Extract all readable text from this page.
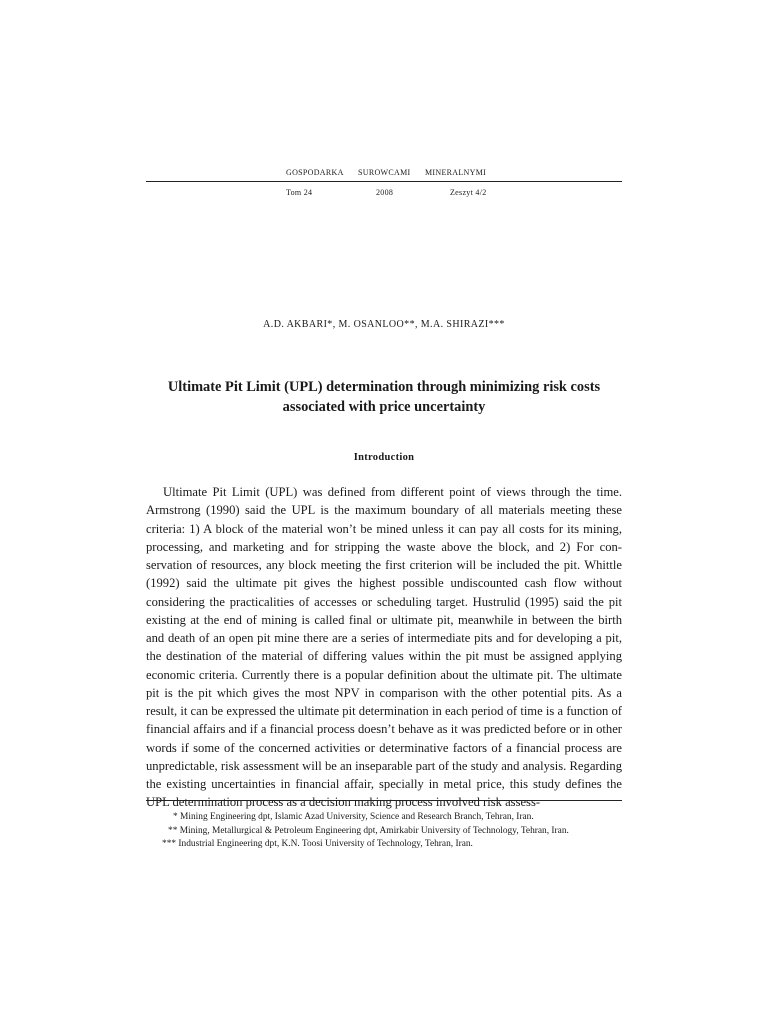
GOSPODARKA SUROWCAMI MINERALNYMI
Tom 24	2008	Zeszyt 4/2
A.D. AKBARI*, M. OSANLOO**, M.A. SHIRAZI***
Ultimate Pit Limit (UPL) determination through minimizing risk costs associated with price uncertainty
Introduction

Ultimate Pit Limit (UPL) was defined from different point of views through the time. Armstrong (1990) said the UPL is the maximum boundary of all materials meeting these criteria: 1) A block of the material won’t be mined unless it can pay all costs for its mining, processing, and marketing and for stripping the waste above the block, and 2) For con-servation of resources, any block meeting the first criterion will be included the pit. Whittle (1992) said the ultimate pit gives the highest possible undiscounted cash flow without considering the practicalities of accesses or scheduling target. Hustrulid (1995) said the pit existing at the end of mining is called final or ultimate pit, meanwhile in between the birth and death of an open pit mine there are a series of intermediate pits and for developing a pit, the destination of the material of differing values within the pit must be assigned applying economic criteria. Currently there is a popular definition about the ultimate pit. The ultimate pit is the pit which gives the most NPV in comparison with the other potential pits. As a result, it can be expressed the ultimate pit determination in each period of time is a function of financial affairs and if a financial process doesn’t behave as it was predicted before or in other words if some of the concerned activities or determinative factors of a financial process are unpredictable, risk assessment will be an inseparable part of the study and analysis. Regarding the existing uncertainties in financial affair, specially in metal price, this study defines the UPL determination process as a decision making process involved risk assess-

* Mining Engineering dpt, Islamic Azad University, Science and Research Branch, Tehran, Iran.
** Mining, Metallurgical & Petroleum Engineering dpt, Amirkabir University of Technology, Tehran, Iran.
*** Industrial Engineering dpt, K.N. Toosi University of Technology, Tehran, Iran.
